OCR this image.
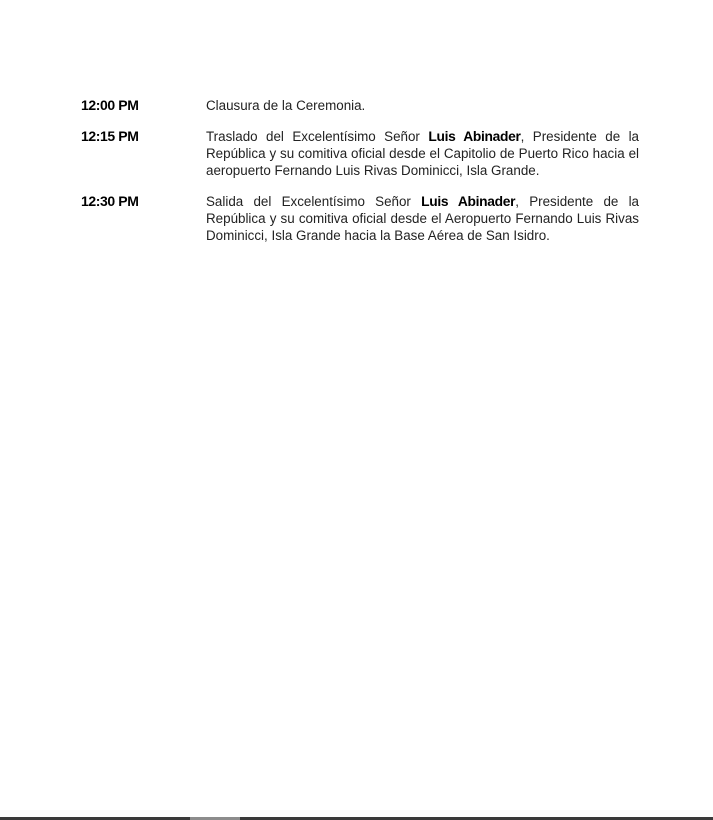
12:00 PM	Clausura de la Ceremonia.
12:15 PM	Traslado del Excelentísimo Señor Luis Abinader, Presidente de la República y su comitiva oficial desde el Capitolio de Puerto Rico hacia el aeropuerto Fernando Luis Rivas Dominicci, Isla Grande.
12:30 PM	Salida del Excelentísimo Señor Luis Abinader, Presidente de la República y su comitiva oficial desde el Aeropuerto Fernando Luis Rivas Dominicci, Isla Grande hacia la Base Aérea de San Isidro.
